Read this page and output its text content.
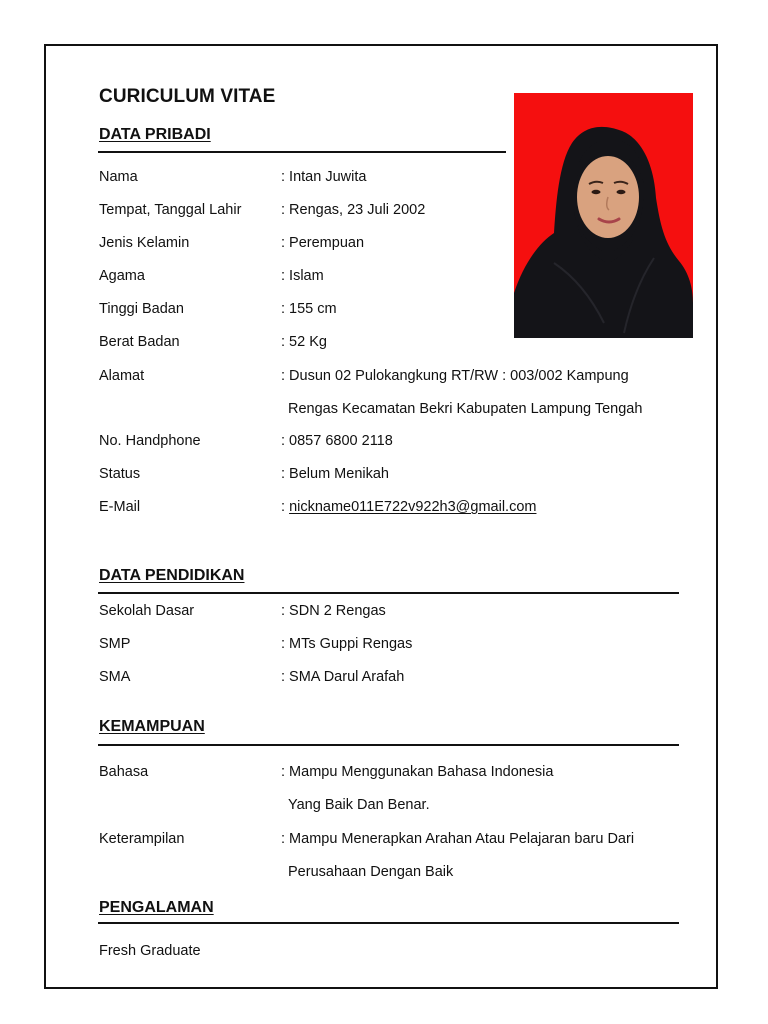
CURICULUM VITAE
DATA PRIBADI
Nama	: Intan Juwita
Tempat, Tanggal Lahir	: Rengas, 23 Juli 2002
Jenis Kelamin	: Perempuan
Agama	: Islam
Tinggi Badan	: 155 cm
Berat Badan	: 52 Kg
Alamat	: Dusun 02 Pulokangkung RT/RW : 003/002 Kampung
Rengas Kecamatan Bekri Kabupaten Lampung Tengah
No. Handphone	: 0857 6800 2118
Status	: Belum Menikah
E-Mail	: nickname011E722v922h3@gmail.com
DATA PENDIDIKAN
Sekolah Dasar	: SDN 2 Rengas
SMP	: MTs Guppi Rengas
SMA	: SMA Darul Arafah
KEMAMPUAN
Bahasa	: Mampu Menggunakan Bahasa Indonesia
Yang Baik Dan Benar.
Keterampilan	: Mampu Menerapkan Arahan Atau Pelajaran baru Dari
Perusahaan Dengan Baik
PENGALAMAN
Fresh Graduate
